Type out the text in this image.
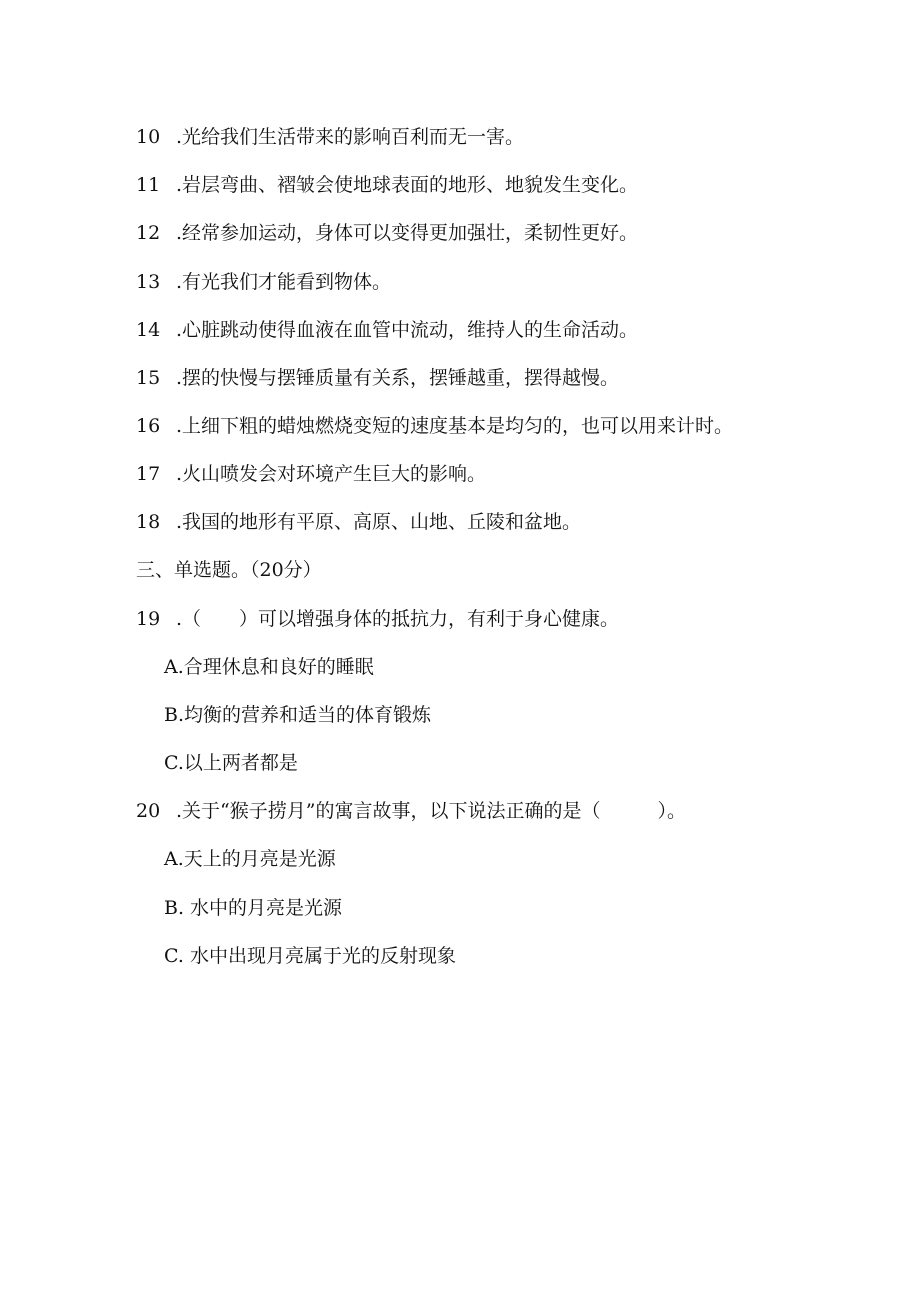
10 .光给我们生活带来的影响百利而无一害。
11 .岩层弯曲、褶皱会使地球表面的地形、地貌发生变化。
12 .经常参加运动，身体可以变得更加强壮，柔韧性更好。
13 .有光我们才能看到物体。
14 .心脏跳动使得血液在血管中流动，维持人的生命活动。
15 .摆的快慢与摆锤质量有关系，摆锤越重，摆得越慢。
16 .上细下粗的蜡烛燃烧变短的速度基本是均匀的，也可以用来计时。
17 .火山喷发会对环境产生巨大的影响。
18 .我国的地形有平原、高原、山地、丘陵和盆地。
三、单选题。（20分）
19 .（　　）可以增强身体的抵抗力，有利于身心健康。
A.合理休息和良好的睡眠
B.均衡的营养和适当的体育锻炼
C.以上两者都是
20 .关于“猴子捞月”的寓言故事，以下说法正确的是（　　　）。
A.天上的月亮是光源
B. 水中的月亮是光源
C. 水中出现月亮属于光的反射现象
